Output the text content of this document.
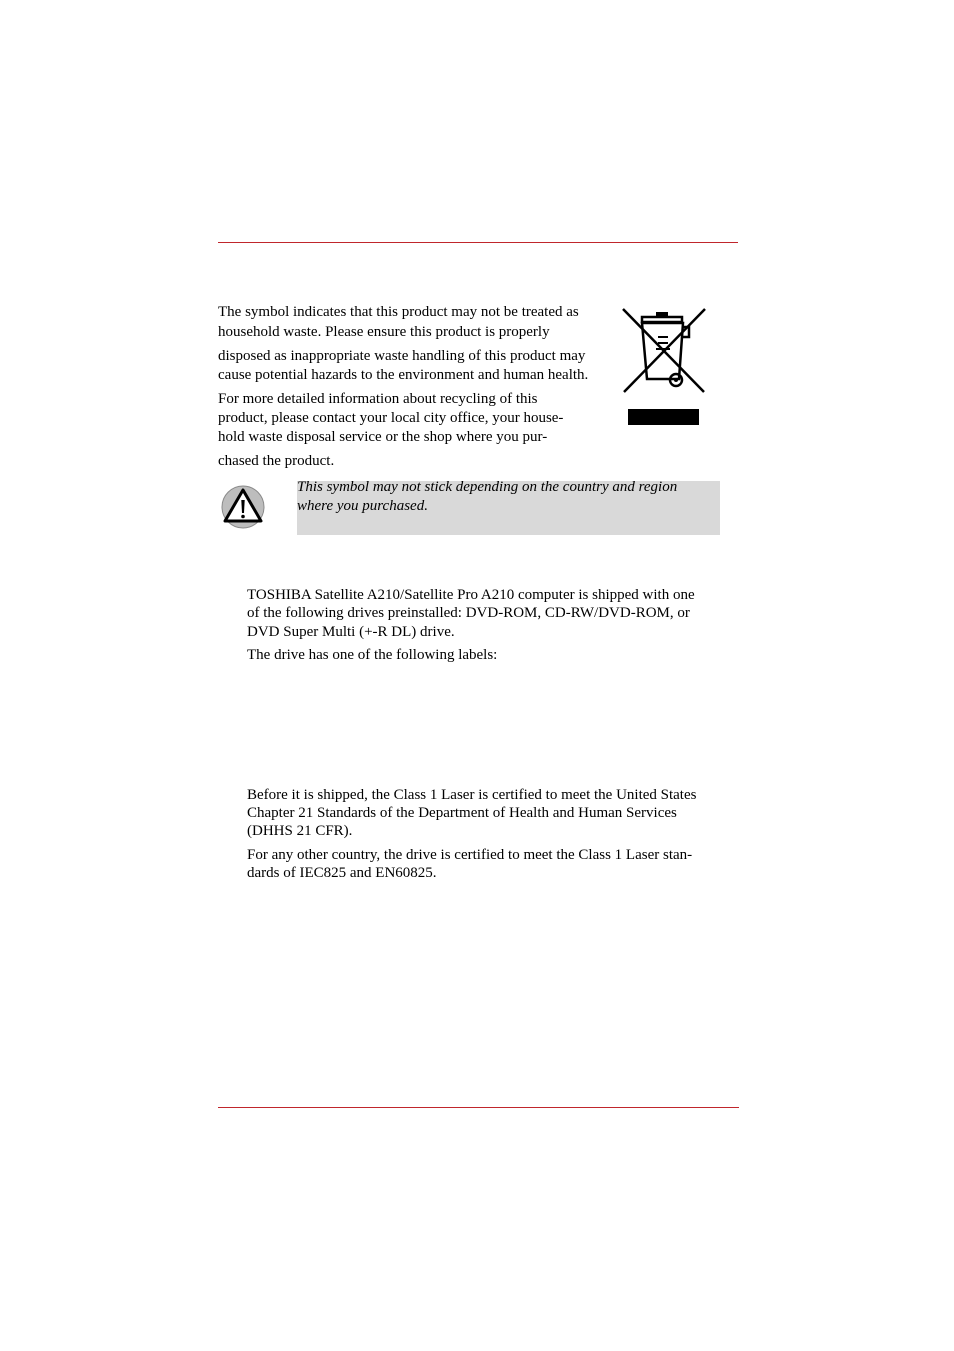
The symbol indicates that this product may not be treated as
household waste. Please ensure this product is properly
disposed as inappropriate waste handling of this product may
cause potential hazards to the environment and human health.
For more detailed information about recycling of this
product, please contact your local city office, your house-
hold waste disposal service or the shop where you pur-
chased the product.
This symbol may not stick depending on the country and region
where you purchased.
TOSHIBA Satellite A210/Satellite Pro A210 computer is shipped with one
of the following drives preinstalled: DVD-ROM, CD-RW/DVD-ROM, or
DVD Super Multi (+-R DL) drive.
The drive has one of the following labels:
Before it is shipped, the Class 1 Laser is certified to meet the United States
Chapter 21 Standards of the Department of Health and Human Services
(DHHS 21 CFR).
For any other country, the drive is certified to meet the Class 1 Laser stan-
dards of IEC825 and EN60825.
